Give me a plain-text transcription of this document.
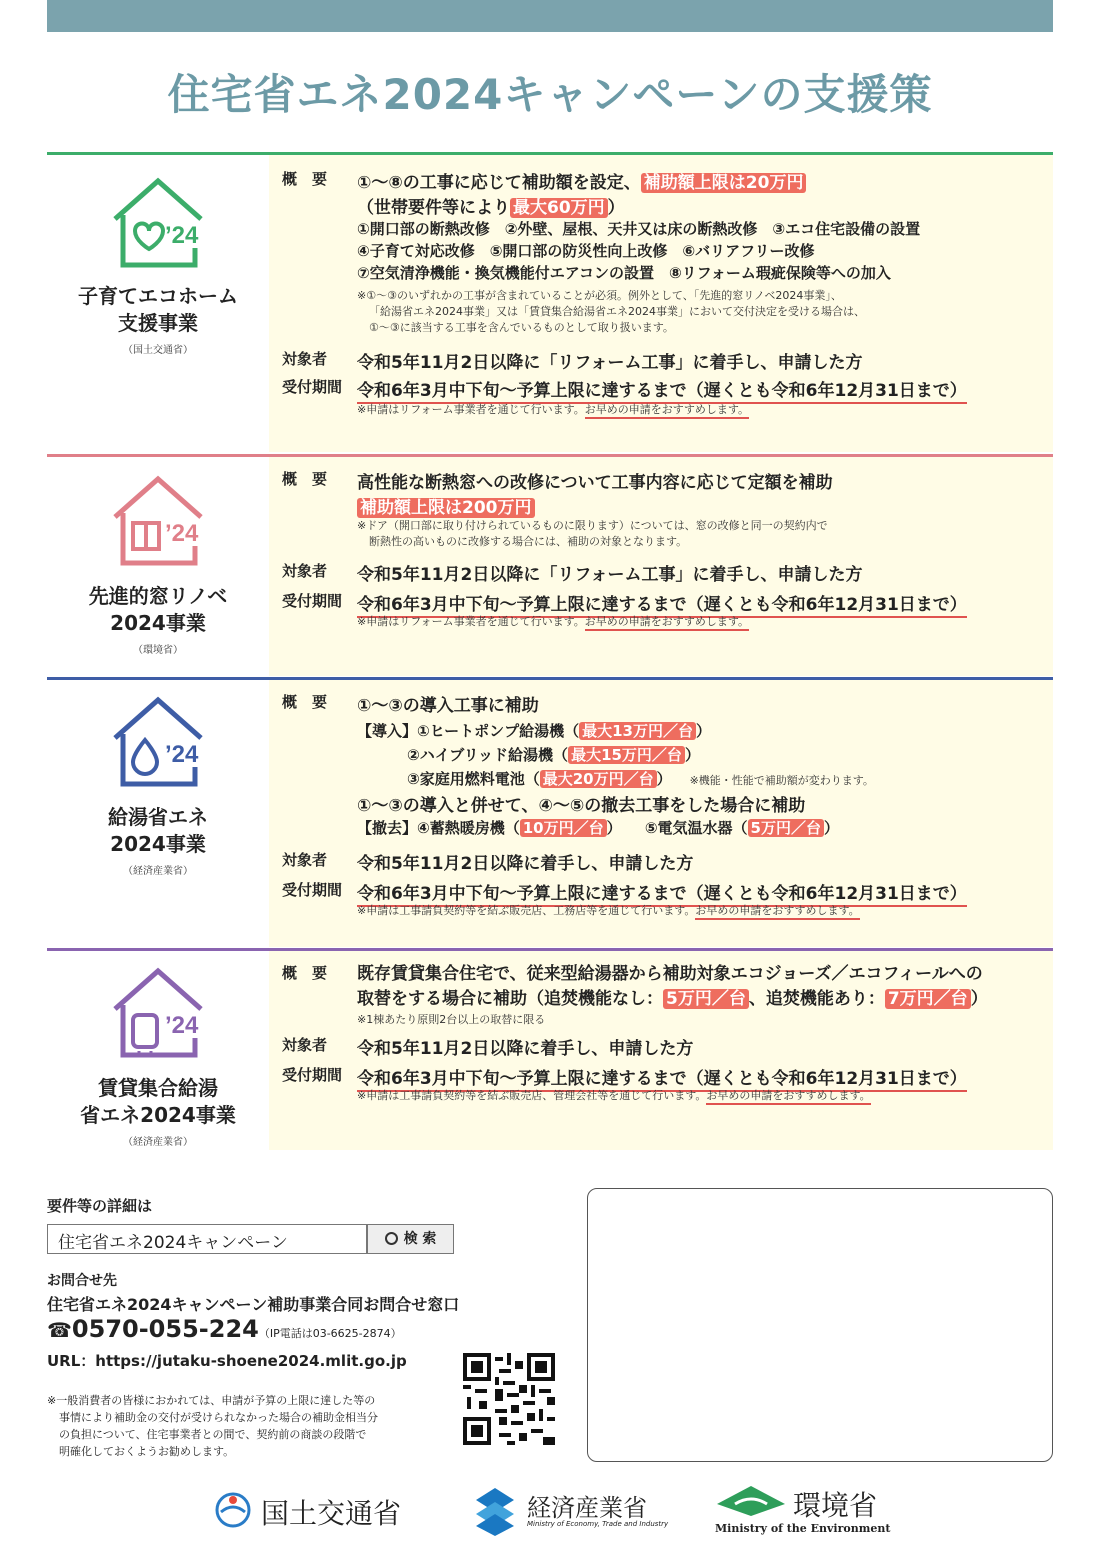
住宅省エネ2024キャンペーンの支援策
’24
子育てエコホーム
支援事業
（国土交通省）
概　要	①〜⑧の工事に応じて補助額を設定、 補助額上限は20万円
（世帯要件等により 最大60万円 ）
①開口部の断熱改修　②外壁、屋根、天井又は床の断熱改修　③エコ住宅設備の設置
④子育て対応改修　⑤開口部の防災性向上改修　⑥バリアフリー改修
⑦空気清浄機能・換気機能付エアコンの設置　⑧リフォーム瑕疵保険等への加入
※①〜③のいずれかの工事が含まれていることが必須。例外として、「先進的窓リノベ2024事業」、
「給湯省エネ2024事業」又は「賃貸集合給湯省エネ2024事業」において交付決定を受ける場合は、
①〜③に該当する工事を含んでいるものとして取り扱います。
対象者	令和5年11月2日以降に「リフォーム工事」に着手し、申請した方
受付期間 令和6年3月中下旬〜予算上限に達するまで（遅くとも令和6年12月31日まで）
※申請はリフォーム事業者を通じて行います。お早めの申請をおすすめします。
’24
先進的窓リノベ
2024事業
（環境省）
概　要	高性能な断熱窓への改修について工事内容に応じて定額を補助
補助額上限は200万円
※ドア（開口部に取り付けられているものに限ります）については、窓の改修と同一の契約内で
断熱性の高いものに改修する場合には、補助の対象となります。
対象者	令和5年11月2日以降に「リフォーム工事」に着手し、申請した方
受付期間 令和6年3月中下旬〜予算上限に達するまで（遅くとも令和6年12月31日まで）
※申請はリフォーム事業者を通じて行います。お早めの申請をおすすめします。
’24
給湯省エネ
2024事業
（経済産業省）
概　要	①〜③の導入工事に補助
【導入】①ヒートポンプ給湯機（ 最大13万円／台 ）
②ハイブリッド給湯機（ 最大15万円／台 ）
③家庭用燃料電池（ 最大20万円／台 ） ※機能・性能で補助額が変わります。
①〜③の導入と併せて、④〜⑤の撤去工事をした場合に補助
【撤去】④蓄熱暖房機（ 10万円／台 ） ⑤電気温水器（ 5万円／台 ）
対象者	令和5年11月2日以降に着手し、申請した方
受付期間 令和6年3月中下旬〜予算上限に達するまで（遅くとも令和6年12月31日まで）
※申請は工事請負契約等を結ぶ販売店、工務店等を通じて行います。お早めの申請をおすすめします。
’24
賃貸集合給湯
省エネ2024事業
（経済産業省）
概　要	既存賃貸集合住宅で、従来型給湯器から補助対象エコジョーズ／エコフィールへの
取替をする場合に補助（追焚機能なし： 5万円／台 、追焚機能あり： 7万円／台 ）
※1棟あたり原則2台以上の取替に限る
対象者	令和5年11月2日以降に着手し、申請した方
受付期間 令和6年3月中下旬〜予算上限に達するまで（遅くとも令和6年12月31日まで）
※申請は工事請負契約等を結ぶ販売店、管理会社等を通じて行います。お早めの申請をおすすめします。
要件等の詳細は
住宅省エネ2024キャンペーン	検 索
お問合せ先
住宅省エネ2024キャンペーン補助事業合同お問合せ窓口
☎0570-055-224（IP電話は03-6625-2874）
URL：https://jutaku-shoene2024.mlit.go.jp
※一般消費者の皆様におかれては、申請が予算の上限に達した等の
事情により補助金の交付が受けられなかった場合の補助金相当分
の負担について、住宅事業者との間で、契約前の商談の段階で
明確化しておくようお勧めします。
国土交通省	経済産業省
Ministry of Economy, Trade and Industry
環境省
Ministry of the Environment
